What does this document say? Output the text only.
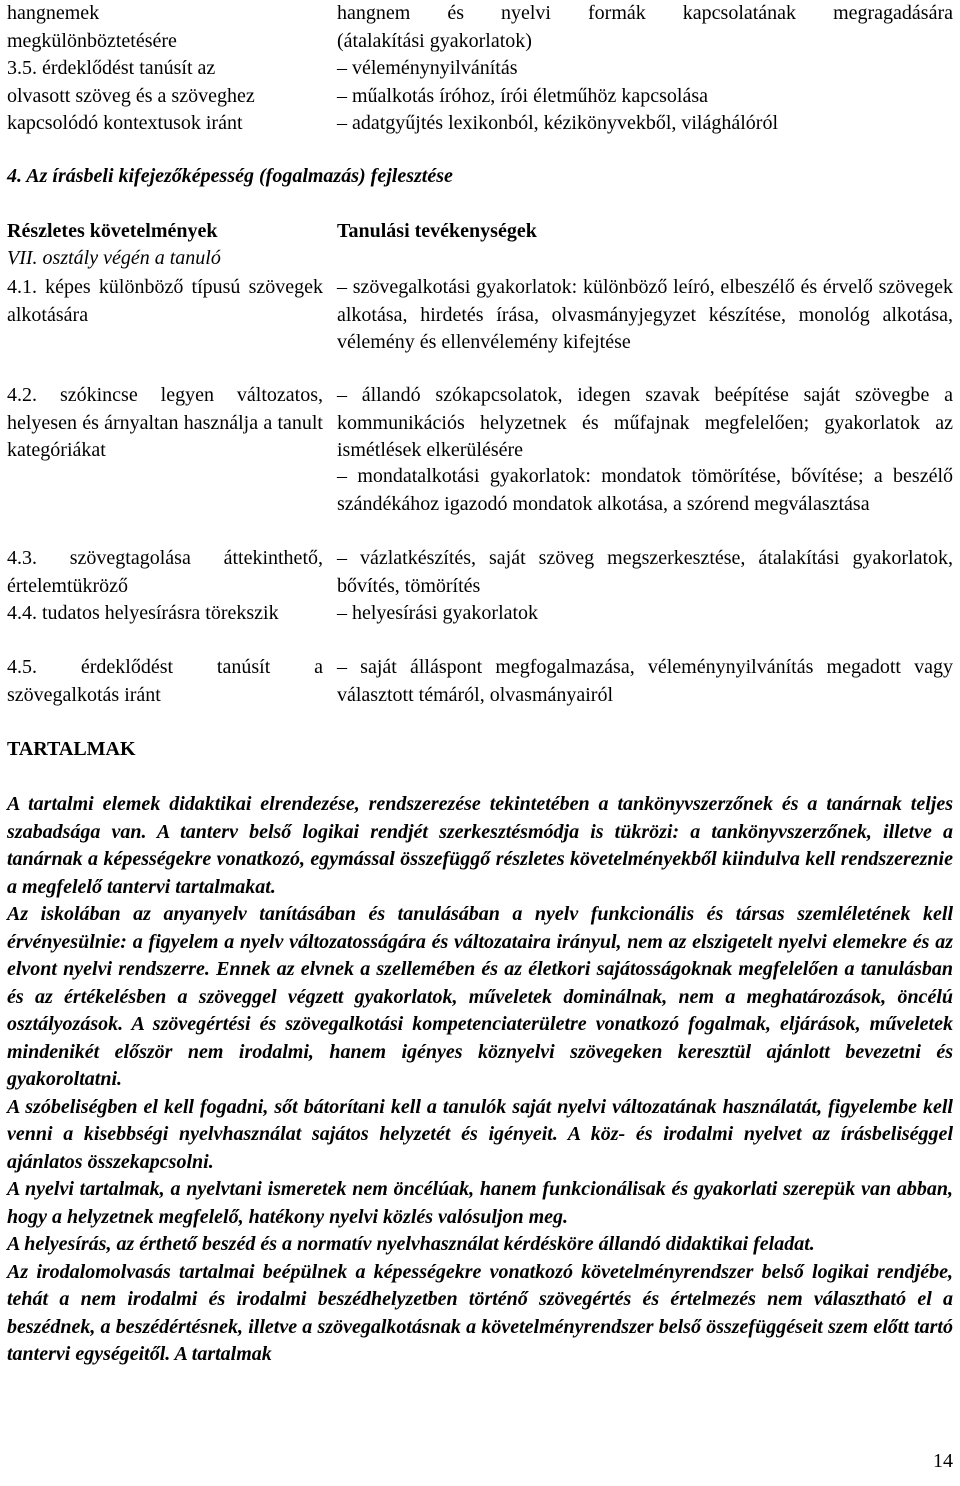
hangnemek
megkülönböztetésére
3.5. érdeklődést tanúsít az
olvasott szöveg és a szöveghez
kapcsolódó kontextusok iránt
hangnem és nyelvi formák kapcsolatának megragadására
(átalakítási gyakorlatok)
– véleménynyilvánítás
– műalkotás íróhoz, írói életműhöz kapcsolása
– adatgyűjtés lexikonból, kézikönyvekből, világhálóról
4. Az írásbeli kifejezőképesség (fogalmazás) fejlesztése
Részletes követelmények
VII. osztály végén a tanuló
Tanulási tevékenységek
4.1. képes különböző típusú szövegek alkotására
– szövegalkotási gyakorlatok: különböző leíró, elbeszélő és érvelő szövegek alkotása, hirdetés írása, olvasmányjegyzet készítése, monológ alkotása, vélemény és ellenvélemény kifejtése
4.2. szókincse legyen változatos, helyesen és árnyaltan használja a tanult kategóriákat
– állandó szókapcsolatok, idegen szavak beépítése saját szövegbe a kommunikációs helyzetnek és műfajnak megfelelően; gyakorlatok az ismétlések elkerülésére
– mondatalkotási gyakorlatok: mondatok tömörítése, bővítése; a beszélő szándékához igazodó mondatok alkotása, a szórend megválasztása
4.3. szövegtagolása áttekinthető, értelemtükröző
– vázlatkészítés, saját szöveg megszerkesztése, átalakítási gyakorlatok, bővítés, tömörítés
4.4. tudatos helyesírásra törekszik	– helyesírási gyakorlatok
4.5. érdeklődést tanúsít a szövegalkotás iránt
– saját álláspont megfogalmazása, véleménynyilvánítás megadott vagy választott témáról, olvasmányairól
TARTALMAK

A tartalmi elemek didaktikai elrendezése, rendszerezése tekintetében a tankönyvszerzőnek és a tanárnak teljes szabadsága van. A tanterv belső logikai rendjét szerkesztésmódja is tükrözi: a tankönyvszerzőnek, illetve a tanárnak a képességekre vonatkozó, egymással összefüggő részletes követelményekből kiindulva kell rendszereznie a megfelelő tantervi tartalmakat.

Az iskolában az anyanyelv tanításában és tanulásában a nyelv funkcionális és társas szemléletének kell érvényesülnie: a figyelem a nyelv változatosságára és változataira irányul, nem az elszigetelt nyelvi elemekre és az elvont nyelvi rendszerre. Ennek az elvnek a szellemében és az életkori sajátosságoknak megfelelően a tanulásban és az értékelésben a szöveggel végzett gyakorlatok, műveletek dominálnak, nem a meghatározások, öncélú osztályozások. A szövegértési és szövegalkotási kompetenciaterületre vonatkozó fogalmak, eljárások, műveletek mindenikét először nem irodalmi, hanem igényes köznyelvi szövegeken keresztül ajánlott bevezetni és gyakoroltatni.

A szóbeliségben el kell fogadni, sőt bátorítani kell a tanulók saját nyelvi változatának használatát, figyelembe kell venni a kisebbségi nyelvhasználat sajátos helyzetét és igényeit. A köz- és irodalmi nyelvet az írásbeliséggel ajánlatos összekapcsolni.

A nyelvi tartalmak, a nyelvtani ismeretek nem öncélúak, hanem funkcionálisak és gyakorlati szerepük van abban, hogy a helyzetnek megfelelő, hatékony nyelvi közlés valósuljon meg.

A helyesírás, az érthető beszéd és a normatív nyelvhasználat kérdésköre állandó didaktikai feladat.

Az irodalomolvasás tartalmai beépülnek a képességekre vonatkozó követelményrendszer belső logikai rendjébe, tehát a nem irodalmi és irodalmi beszédhelyzetben történő szövegértés és értelmezés nem választható el a beszédnek, a beszédértésnek, illetve a szövegalkotásnak a követelményrendszer belső összefüggéseit szem előtt tartó tantervi egységeitől. A tartalmak

14
